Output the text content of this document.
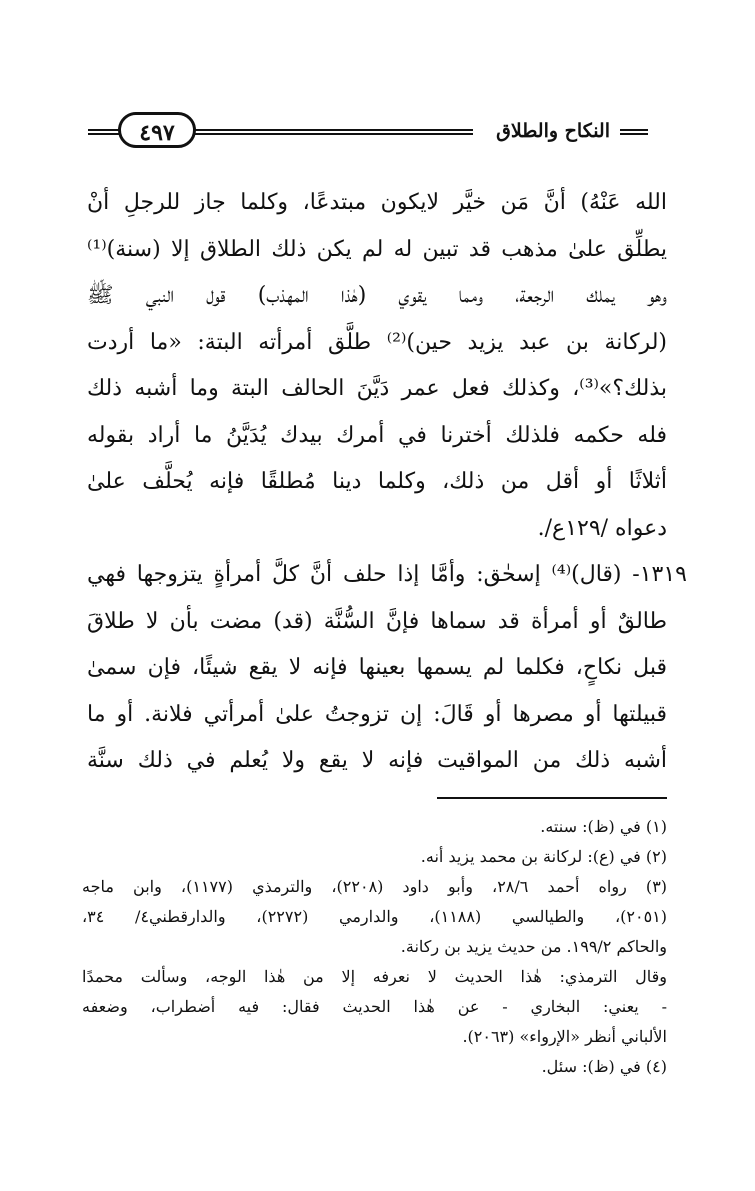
النكاح والطلاق
٤٩٧
الله عَنْهُ) أنَّ مَن خيَّر لايكون مبتدعًا، وكلما جاز للرجلِ أنْ
يطلِّق علىٰ مذهب قد تبين له لم يكن ذلك الطلاق إلا (سنة)⁽¹⁾
وهو يملك الرجعة، ومما يقوي (هٰذا المهذب) قول النبي ﷺ
(لركانة بن عبد يزيد حين)⁽²⁾ طلَّق أمرأته البتة: «ما أردت
بذلك؟»⁽³⁾، وكذلك فعل عمر دَيَّنَ الحالف البتة وما أشبه ذلك
فله حكمه فلذلك أخترنا في أمرك بيدك يُدَيَّنُ ما أراد بقوله
أثلاثًا أو أقل من ذلك، وكلما دينا مُطلقًا فإنه يُحلَّف علىٰ
دعواه /١٢٩ع/.
١٣١٩- (قال)⁽⁴⁾ إسحٰق: وأمَّا إذا حلف أنَّ كلَّ أمرأةٍ يتزوجها فهي
طالقٌ أو أمرأة قد سماها فإنَّ السُّنَّة (قد) مضت بأن لا طلاقَ
قبل نكاحٍ، فكلما لم يسمها بعينها فإنه لا يقع شيئًا، فإن سمىٰ
قبيلتها أو مصرها أو قَالَ: إن تزوجتُ علىٰ أمرأتي فلانة. أو ما
أشبه ذلك من المواقيت فإنه لا يقع ولا يُعلم في ذلك سنَّة
(١) في (ظ): سنته.
(٢) في (ع): لركانة بن محمد يزيد أنه.
(٣) رواه أحمد ٢٨/٦، وأبو داود (٢٢٠٨)، والترمذي (١١٧٧)، وابن ماجه
(٢٠٥١)، والطيالسي (١١٨٨)، والدارمي (٢٢٧٢)، والدارقطني٤/ ٣٤،
والحاكم ١٩٩/٢. من حديث يزيد بن ركانة.
وقال الترمذي: هٰذا الحديث لا نعرفه إلا من هٰذا الوجه، وسألت محمدًا
- يعني: البخاري - عن هٰذا الحديث فقال: فيه أضطراب، وضعفه
الألباني أنظر «الإرواء» (٢٠٦٣).
(٤) في (ظ): سئل.
